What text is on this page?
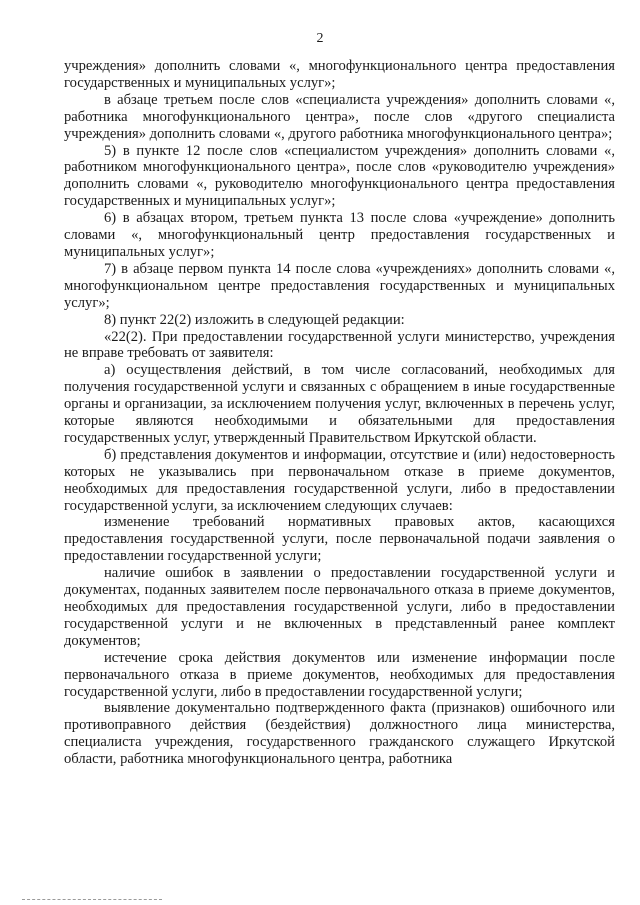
2

учреждения» дополнить словами «, многофункционального центра предоставления государственных и муниципальных услуг»;

в абзаце третьем после слов «специалиста учреждения» дополнить словами «, работника многофункционального центра», после слов «другого специалиста учреждения» дополнить словами «, другого работника многофункционального центра»;

5) в пункте 12 после слов «специалистом учреждения» дополнить словами «, работником многофункционального центра», после слов «руководителю учреждения» дополнить словами «, руководителю многофункционального центра предоставления государственных и муниципальных услуг»;

6) в абзацах втором, третьем пункта 13 после слова «учреждение» дополнить словами «, многофункциональный центр предоставления государственных и муниципальных услуг»;

7) в абзаце первом пункта 14 после слова «учреждениях» дополнить словами «, многофункциональном центре предоставления государственных и муниципальных услуг»;

8) пункт 22(2) изложить в следующей редакции:

«22(2). При предоставлении государственной услуги министерство, учреждения не вправе требовать от заявителя:

а) осуществления действий, в том числе согласований, необходимых для получения государственной услуги и связанных с обращением в иные государственные органы и организации, за исключением получения услуг, включенных в перечень услуг, которые являются необходимыми и обязательными для предоставления государственных услуг, утвержденный Правительством Иркутской области.

б) представления документов и информации, отсутствие и (или) недостоверность которых не указывались при первоначальном отказе в приеме документов, необходимых для предоставления государственной услуги, либо в предоставлении государственной услуги, за исключением следующих случаев:

изменение требований нормативных правовых актов, касающихся предоставления государственной услуги, после первоначальной подачи заявления о предоставлении государственной услуги;

наличие ошибок в заявлении о предоставлении государственной услуги и документах, поданных заявителем после первоначального отказа в приеме документов, необходимых для предоставления государственной услуги, либо в предоставлении государственной услуги и не включенных в представленный ранее комплект документов;

истечение срока действия документов или изменение информации после первоначального отказа в приеме документов, необходимых для предоставления государственной услуги, либо в предоставлении государственной услуги;

выявление документально подтвержденного факта (признаков) ошибочного или противоправного действия (бездействия) должностного лица министерства, специалиста учреждения, государственного гражданского служащего Иркутской области, работника многофункционального центра, работника
